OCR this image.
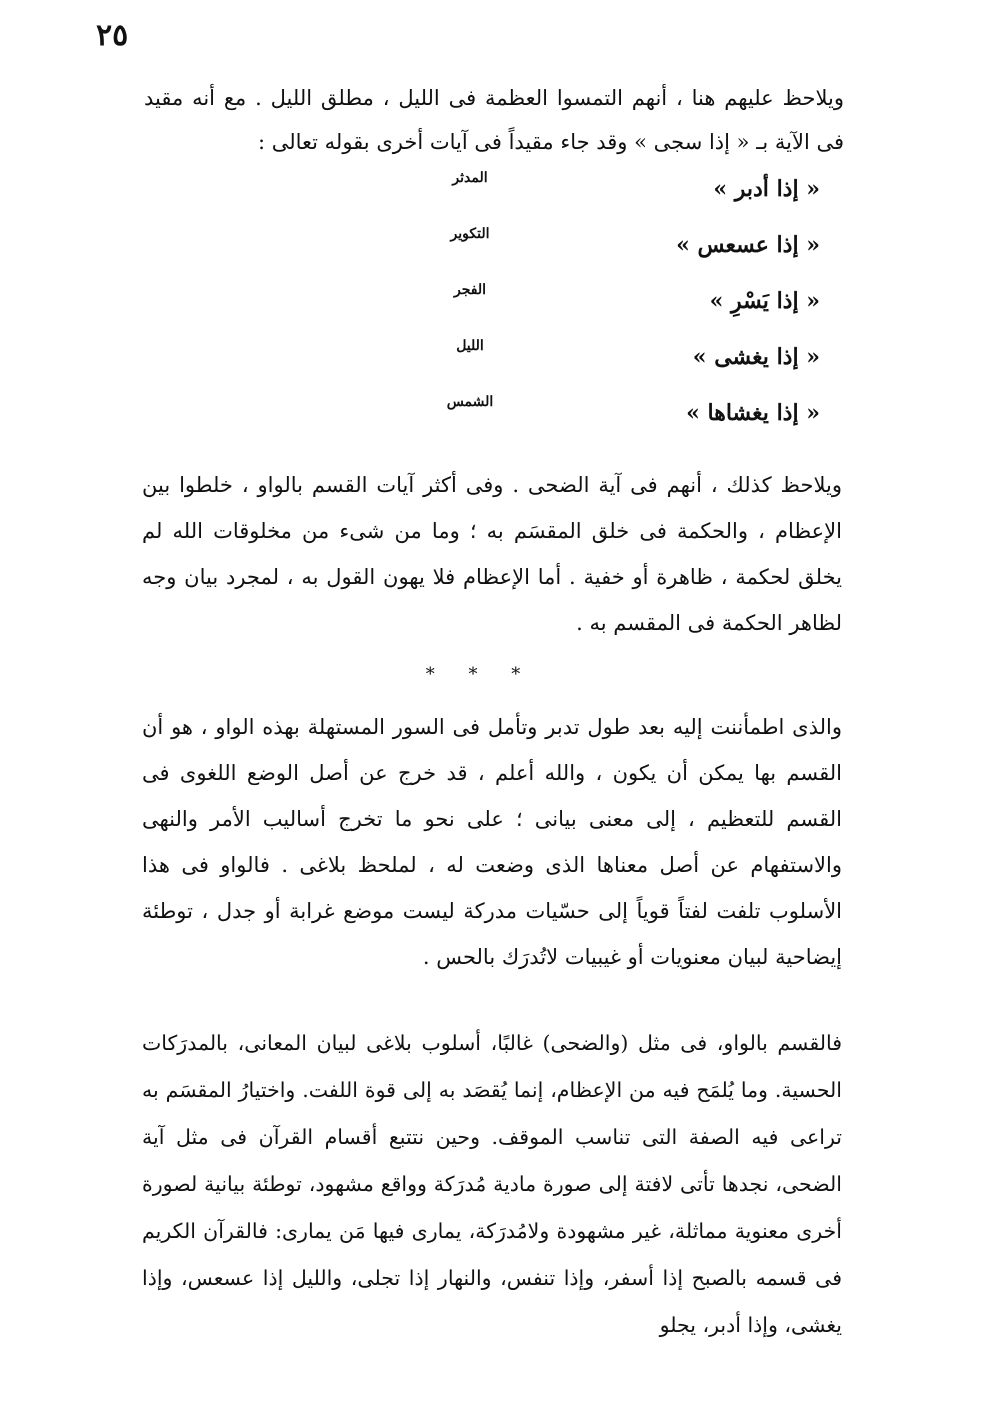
٢٥

ويلاحظ عليهم هنا ، أنهم التمسوا العظمة فى الليل ، مطلق الليل . مع أنه مقيد فى الآية بـ « إذا سجى » وقد جاء مقيداً فى آيات أخرى بقوله تعالى :

« إذا أدبر »
المدثر
« إذا عسعس »
التكوير
« إذا يَسْرِ »
الفجر
« إذا يغشى »
الليل
« إذا يغشاها »
الشمس

ويلاحظ كذلك ، أنهم فى آية الضحى . وفى أكثر آيات القسم بالواو ، خلطوا بين الإعظام ، والحكمة فى خلق المقسَم به ؛ وما من شىء من مخلوقات الله لم يخلق لحكمة ، ظاهرة أو خفية . أما الإعظام فلا يهون القول به ، لمجرد بيان وجه لظاهر الحكمة فى المقسم به .

* * *

والذى اطمأننت إليه بعد طول تدبر وتأمل فى السور المستهلة بهذه الواو ، هو أن القسم بها يمكن أن يكون ، والله أعلم ، قد خرج عن أصل الوضع اللغوى فى القسم للتعظيم ، إلى معنى بيانى ؛ على نحو ما تخرج أساليب الأمر والنهى والاستفهام عن أصل معناها الذى وضعت له ، لملحظ بلاغى . فالواو فى هذا الأسلوب تلفت لفتاً قوياً إلى حسّيات مدركة ليست موضع غرابة أو جدل ، توطئة إيضاحية لبيان معنويات أو غيبيات لاتُدرَك بالحس .

فالقسم بالواو، فى مثل (والضحى) غالبًا، أسلوب بلاغى لبيان المعانى، بالمدرَكات الحسية. وما يُلمَح فيه من الإعظام، إنما يُقصَد به إلى قوة اللفت. واختيارُ المقسَم به تراعى فيه الصفة التى تناسب الموقف. وحين نتتبع أقسام القرآن فى مثل آية الضحى، نجدها تأتى لافتة إلى صورة مادية مُدرَكة وواقع مشهود، توطئة بيانية لصورة أخرى معنوية مماثلة، غير مشهودة ولامُدرَكة، يمارى فيها مَن يمارى: فالقرآن الكريم فى قسمه بالصبح إذا أسفر، وإذا تنفس، والنهار إذا تجلى، والليل إذا عسعس، وإذا يغشى، وإذا أدبر، يجلو
